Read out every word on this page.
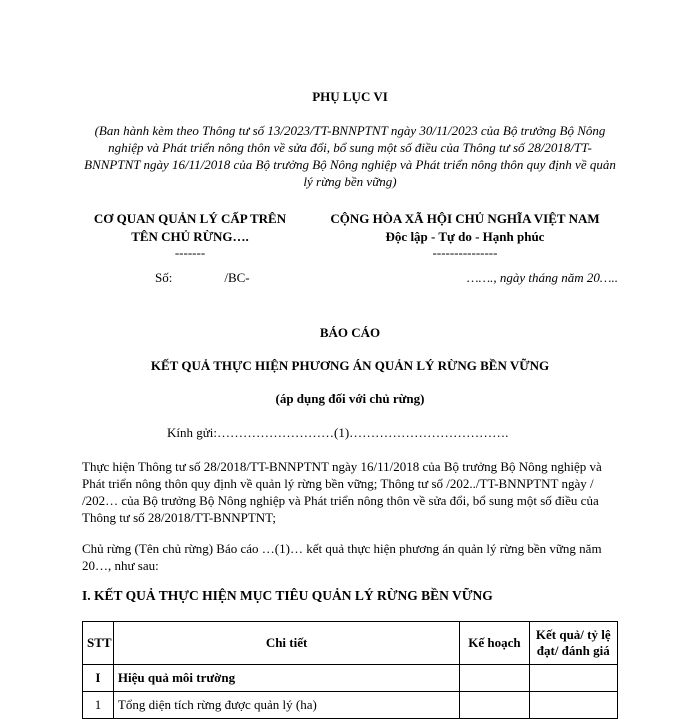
PHỤ LỤC VI
(Ban hành kèm theo Thông tư số 13/2023/TT-BNNPTNT ngày 30/11/2023 của Bộ trưởng Bộ Nông nghiệp và Phát triển nông thôn về sửa đổi, bổ sung một số điều của Thông tư số 28/2018/TT-BNNPTNT ngày 16/11/2018 của Bộ trưởng Bộ Nông nghiệp và Phát triển nông thôn quy định về quản lý rừng bền vững)
CƠ QUAN QUẢN LÝ CẤP TRÊN
TÊN CHỦ RỪNG….
-------
CỘNG HÒA XÃ HỘI CHỦ NGHĨA VIỆT NAM
Độc lập - Tự do - Hạnh phúc
---------------
Số:	/BC-	……., ngày tháng năm 20…..
BÁO CÁO
KẾT QUẢ THỰC HIỆN PHƯƠNG ÁN QUẢN LÝ RỪNG BỀN VỮNG
(áp dụng đối với chủ rừng)
Kính gửi:………………………(1)……………………………….
Thực hiện Thông tư số 28/2018/TT-BNNPTNT ngày 16/11/2018 của Bộ trưởng Bộ Nông nghiệp và Phát triển nông thôn quy định về quản lý rừng bền vững; Thông tư số /202../TT-BNNPTNT ngày / /202… của Bộ trưởng Bộ Nông nghiệp và Phát triển nông thôn về sửa đổi, bổ sung một số điều của Thông tư số 28/2018/TT-BNNPTNT;
Chủ rừng (Tên chủ rừng) Báo cáo …(1)… kết quả thực hiện phương án quản lý rừng bền vững năm 20…, như sau:
I. KẾT QUẢ THỰC HIỆN MỤC TIÊU QUẢN LÝ RỪNG BỀN VỮNG
STT	Chi tiết	Kế hoạch	Kết quả/ tỷ lệ đạt/ đánh giá
I	Hiệu quả môi trường		
1	Tổng diện tích rừng được quản lý (ha)		
